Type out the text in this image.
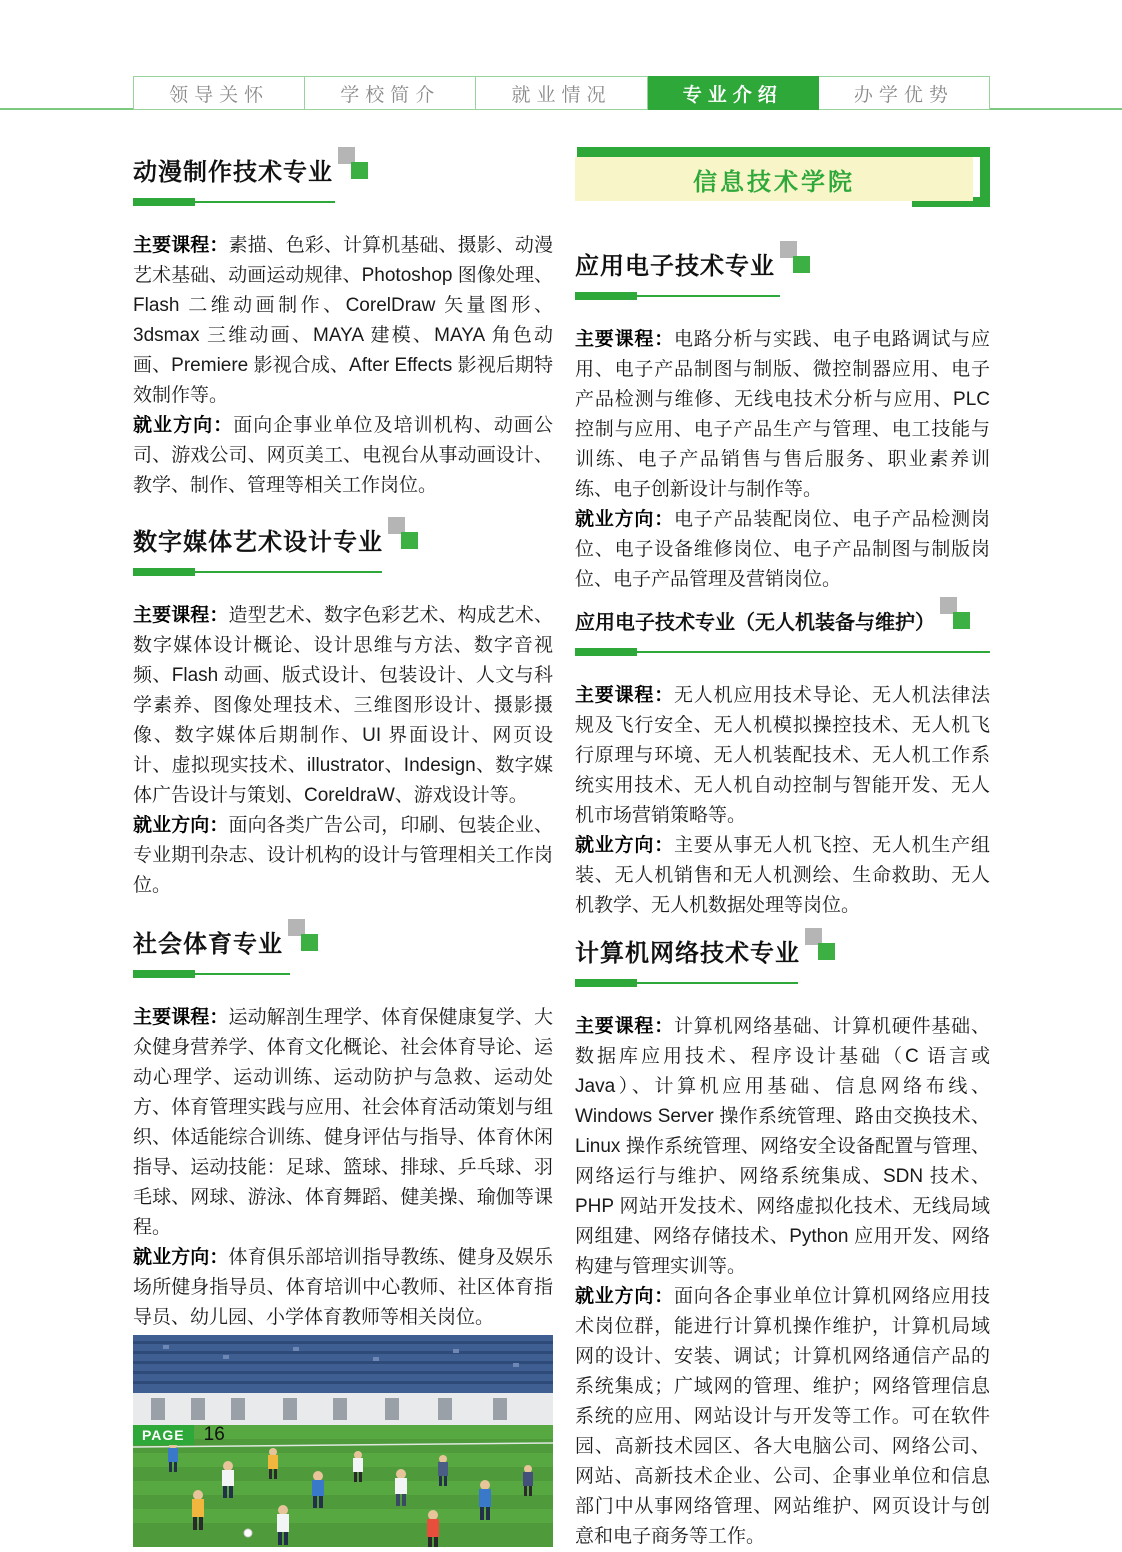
领导关怀	学校简介	就业情况	专业介绍	办学优势
动漫制作技术专业

主要课程：素描、色彩、计算机基础、摄影、动漫艺术基础、动画运动规律、Photoshop 图像处理、Flash 二维动画制作、CorelDraw 矢量图形、3dsmax 三维动画、MAYA 建模、MAYA 角色动画、Premiere 影视合成、After Effects 影视后期特效制作等。

就业方向：面向企事业单位及培训机构、动画公司、游戏公司、网页美工、电视台从事动画设计、教学、制作、管理等相关工作岗位。

数字媒体艺术设计专业

主要课程：造型艺术、数字色彩艺术、构成艺术、数字媒体设计概论、设计思维与方法、数字音视频、Flash 动画、版式设计、包装设计、人文与科学素养、图像处理技术、三维图形设计、摄影摄像、数字媒体后期制作、UI 界面设计、网页设计、虚拟现实技术、illustrator、Indesign、数字媒体广告设计与策划、CoreldraW、游戏设计等。

就业方向：面向各类广告公司，印刷、包装企业、专业期刊杂志、设计机构的设计与管理相关工作岗位。

社会体育专业

主要课程：运动解剖生理学、体育保健康复学、大众健身营养学、体育文化概论、社会体育导论、运动心理学、运动训练、运动防护与急救、运动处方、体育管理实践与应用、社会体育活动策划与组织、体适能综合训练、健身评估与指导、体育休闲指导、运动技能：足球、篮球、排球、乒乓球、羽毛球、网球、游泳、体育舞蹈、健美操、瑜伽等课程。

就业方向：体育俱乐部培训指导教练、健身及娱乐场所健身指导员、体育培训中心教师、社区体育指导员、幼儿园、小学体育教师等相关岗位。

信息技术学院
应用电子技术专业

主要课程：电路分析与实践、电子电路调试与应用、电子产品制图与制版、微控制器应用、电子产品检测与维修、无线电技术分析与应用、PLC 控制与应用、电子产品生产与管理、电工技能与训练、电子产品销售与售后服务、职业素养训练、电子创新设计与制作等。

就业方向：电子产品装配岗位、电子产品检测岗位、电子设备维修岗位、电子产品制图与制版岗位、电子产品管理及营销岗位。

应用电子技术专业（无人机装备与维护）

主要课程：无人机应用技术导论、无人机法律法规及飞行安全、无人机模拟操控技术、无人机飞行原理与环境、无人机装配技术、无人机工作系统实用技术、无人机自动控制与智能开发、无人机市场营销策略等。

就业方向：主要从事无人机飞控、无人机生产组装、无人机销售和无人机测绘、生命救助、无人机教学、无人机数据处理等岗位。

计算机网络技术专业

主要课程：计算机网络基础、计算机硬件基础、数据库应用技术、程序设计基础（C 语言或 Java）、计算机应用基础、信息网络布线、Windows Server 操作系统管理、路由交换技术、Linux 操作系统管理、网络安全设备配置与管理、网络运行与维护、网络系统集成、SDN 技术、PHP 网站开发技术、网络虚拟化技术、无线局域网组建、网络存储技术、Python 应用开发、网络构建与管理实训等。

就业方向：面向各企事业单位计算机网络应用技术岗位群，能进行计算机操作维护，计算机局域网的设计、安装、调试；计算机网络通信产品的系统集成；广域网的管理、维护；网络管理信息系统的应用、网站设计与开发等工作。可在软件园、高新技术园区、各大电脑公司、网络公司、网站、高新技术企业、公司、企事业单位和信息部门中从事网络管理、网站维护、网页设计与创意和电子商务等工作。

PAGE	16
